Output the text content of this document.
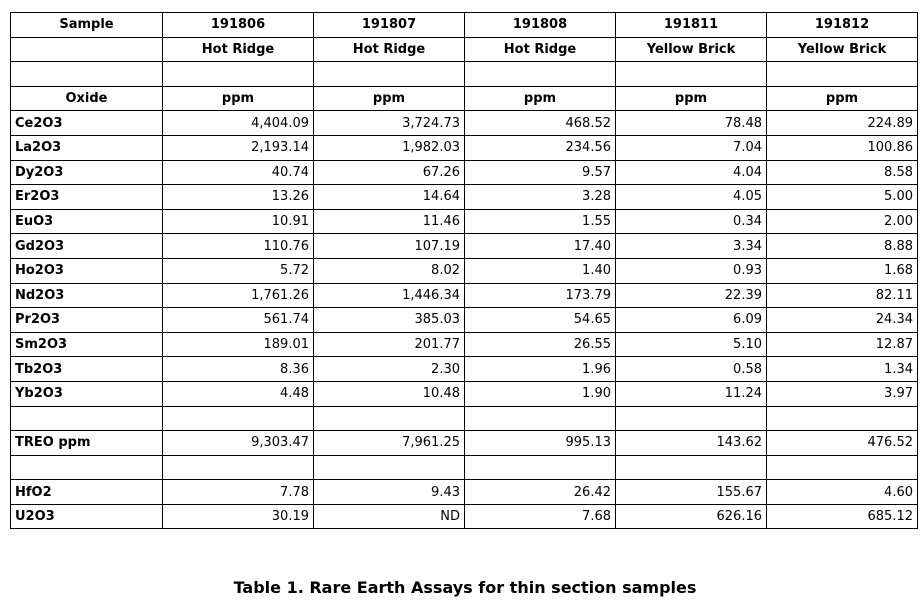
Sample	191806	191807	191808	191811	191812
	Hot Ridge	Hot Ridge	Hot Ridge	Yellow Brick	Yellow Brick

Oxide	ppm	ppm	ppm	ppm	ppm
Ce2O3	4,404.09	3,724.73	468.52	78.48	224.89
La2O3	2,193.14	1,982.03	234.56	7.04	100.86
Dy2O3	40.74	67.26	9.57	4.04	8.58
Er2O3	13.26	14.64	3.28	4.05	5.00
EuO3	10.91	11.46	1.55	0.34	2.00
Gd2O3	110.76	107.19	17.40	3.34	8.88
Ho2O3	5.72	8.02	1.40	0.93	1.68
Nd2O3	1,761.26	1,446.34	173.79	22.39	82.11
Pr2O3	561.74	385.03	54.65	6.09	24.34
Sm2O3	189.01	201.77	26.55	5.10	12.87
Tb2O3	8.36	2.30	1.96	0.58	1.34
Yb2O3	4.48	10.48	1.90	11.24	3.97

TREO ppm	9,303.47	7,961.25	995.13	143.62	476.52

HfO2	7.78	9.43	26.42	155.67	4.60
U2O3	30.19	ND	7.68	626.16	685.12
Table 1. Rare Earth Assays for thin section samples
